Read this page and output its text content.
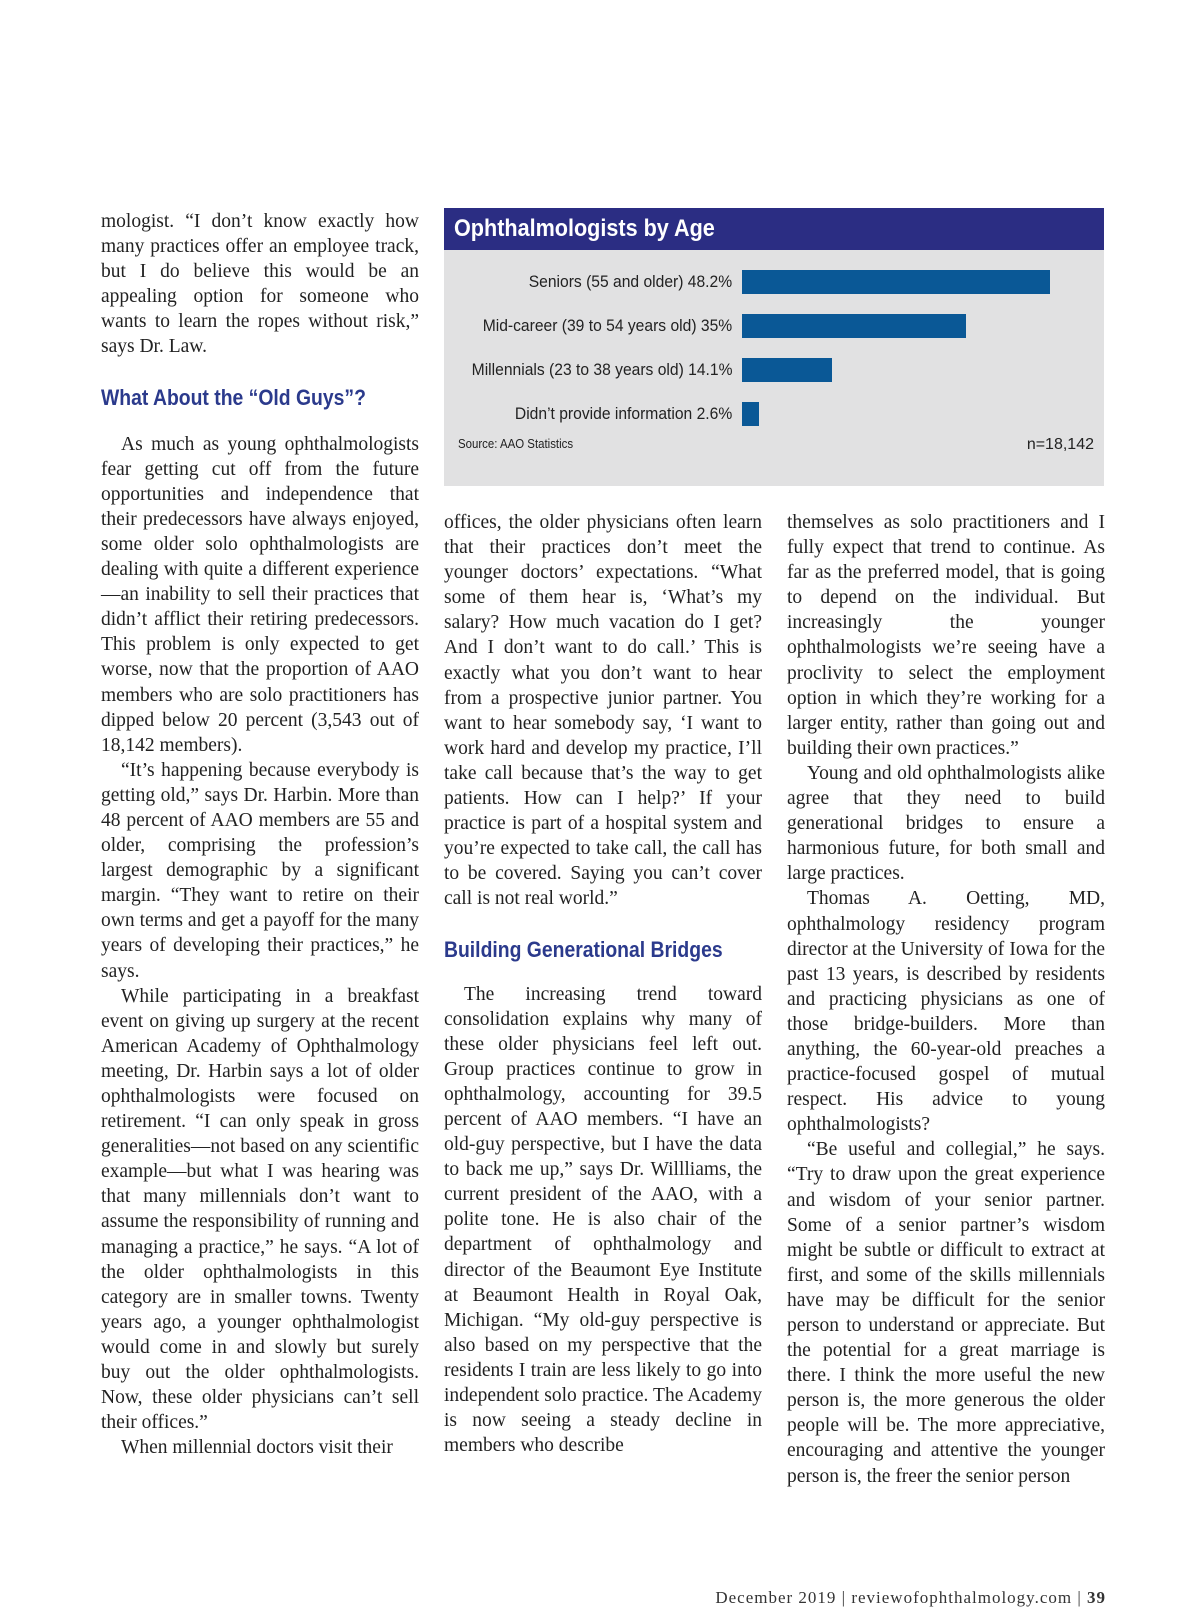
mologist. “I don’t know exactly how many practices offer an employee track, but I do believe this would be an appealing option for someone who wants to learn the ropes without risk,” says Dr. Law.

What About the “Old Guys”?

As much as young ophthalmologists fear getting cut off from the future opportunities and independence that their predecessors have always enjoyed, some older solo ophthalmologists are dealing with quite a different experience—an inability to sell their practices that didn’t afflict their retiring predecessors. This problem is only expected to get worse, now that the proportion of AAO members who are solo practitioners has dipped below 20 percent (3,543 out of 18,142 members).

“It’s happening because everybody is getting old,” says Dr. Harbin. More than 48 percent of AAO members are 55 and older, comprising the profession’s largest demographic by a significant margin. “They want to retire on their own terms and get a payoff for the many years of developing their practices,” he says.

While participating in a breakfast event on giving up surgery at the recent American Academy of Ophthalmology meeting, Dr. Harbin says a lot of older ophthalmologists were focused on retirement. “I can only speak in gross generalities—not based on any scientific example—but what I was hearing was that many millennials don’t want to assume the responsibility of running and managing a practice,” he says. “A lot of the older ophthalmologists in this category are in smaller towns. Twenty years ago, a younger ophthalmologist would come in and slowly but surely buy out the older ophthalmologists. Now, these older physicians can’t sell their offices.”

When millennial doctors visit their

Ophthalmologists by Age
Seniors (55 and older) 48.2%
Mid-career (39 to 54 years old) 35%
Millennials (23 to 38 years old) 14.1%
Didn’t provide information 2.6%
Source: AAO Statistics	n=18,142

offices, the older physicians often learn that their practices don’t meet the younger doctors’ expectations. “What some of them hear is, ‘What’s my salary? How much vacation do I get? And I don’t want to do call.’ This is exactly what you don’t want to hear from a prospective junior partner. You want to hear somebody say, ‘I want to work hard and develop my practice, I’ll take call because that’s the way to get patients. How can I help?’ If your practice is part of a hospital system and you’re expected to take call, the call has to be covered. Saying you can’t cover call is not real world.”

Building Generational Bridges

The increasing trend toward consolidation explains why many of these older physicians feel left out. Group practices continue to grow in ophthalmology, accounting for 39.5 percent of AAO members. “I have an old-guy perspective, but I have the data to back me up,” says Dr. Willliams, the current president of the AAO, with a polite tone. He is also chair of the department of ophthalmology and director of the Beaumont Eye Institute at Beaumont Health in Royal Oak, Michigan. “My old-guy perspective is also based on my perspective that the residents I train are less likely to go into independent solo practice. The Academy is now seeing a steady decline in members who describe

themselves as solo practitioners and I fully expect that trend to continue. As far as the preferred model, that is going to depend on the individual. But increasingly the younger ophthalmologists we’re seeing have a proclivity to select the employment option in which they’re working for a larger entity, rather than going out and building their own practices.”

Young and old ophthalmologists alike agree that they need to build generational bridges to ensure a harmonious future, for both small and large practices.

Thomas A. Oetting, MD, ophthalmology residency program director at the University of Iowa for the past 13 years, is described by residents and practicing physicians as one of those bridge-builders. More than anything, the 60-year-old preaches a practice-focused gospel of mutual respect. His advice to young ophthalmologists?

“Be useful and collegial,” he says. “Try to draw upon the great experience and wisdom of your senior partner. Some of a senior partner’s wisdom might be subtle or difficult to extract at first, and some of the skills millennials have may be difficult for the senior person to understand or appreciate. But the potential for a great marriage is there. I think the more useful the new person is, the more generous the older people will be. The more appreciative, encouraging and attentive the younger person is, the freer the senior person

December 2019 | reviewofophthalmology.com | 39
